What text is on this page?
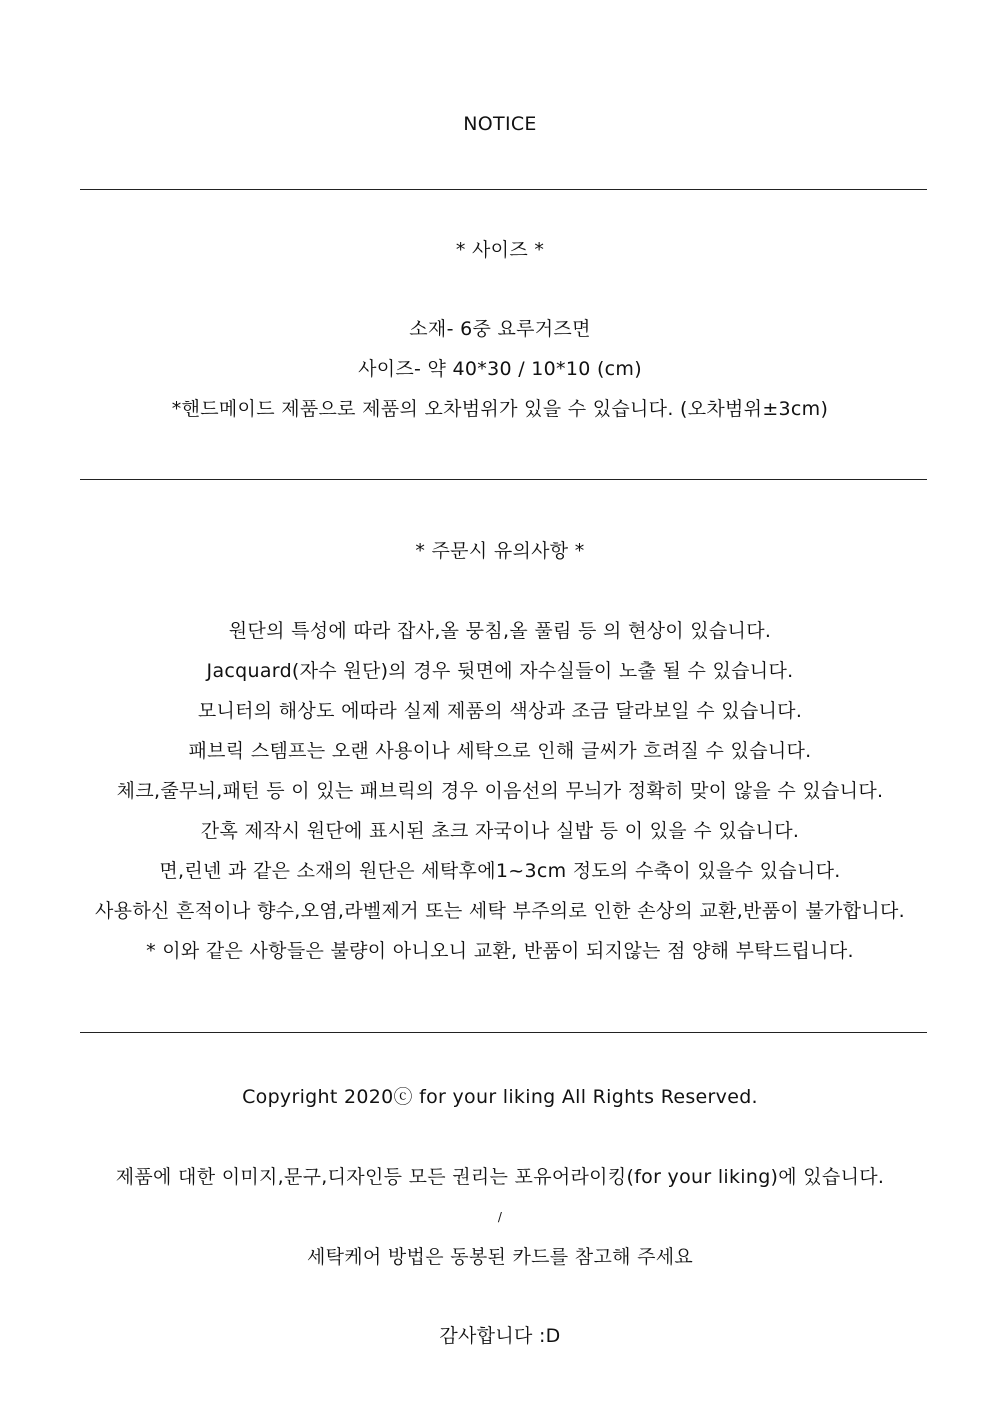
NOTICE
* 사이즈 *
소재- 6중 요루거즈면
사이즈- 약 40*30 / 10*10 (cm)
*핸드메이드 제품으로 제품의 오차범위가 있을 수 있습니다. (오차범위±3cm)
* 주문시 유의사항 *
원단의 특성에 따라 잡사,올 뭉침,올 풀림 등 의 현상이 있습니다.
Jacquard(자수 원단)의 경우 뒷면에 자수실들이 노출 될 수 있습니다.
모니터의 해상도 에따라 실제 제품의 색상과 조금 달라보일 수 있습니다.
패브릭 스템프는 오랜 사용이나 세탁으로 인해 글씨가 흐려질 수 있습니다.
체크,줄무늬,패턴 등 이 있는 패브릭의 경우 이음선의 무늬가 정확히 맞이 않을 수 있습니다.
간혹 제작시 원단에 표시된 초크 자국이나 실밥 등 이 있을 수 있습니다.
면,린넨 과 같은 소재의 원단은 세탁후에1~3cm 정도의 수축이 있을수 있습니다.
사용하신 흔적이나 향수,오염,라벨제거 또는 세탁 부주의로 인한 손상의 교환,반품이 불가합니다.
* 이와 같은 사항들은 불량이 아니오니 교환, 반품이 되지않는 점 양해 부탁드립니다.
Copyright 2020ⓒ for your liking All Rights Reserved.
제품에 대한 이미지,문구,디자인등 모든 권리는 포유어라이킹(for your liking)에 있습니다.
/
세탁케어 방법은 동봉된 카드를 참고해 주세요
감사합니다 :D
